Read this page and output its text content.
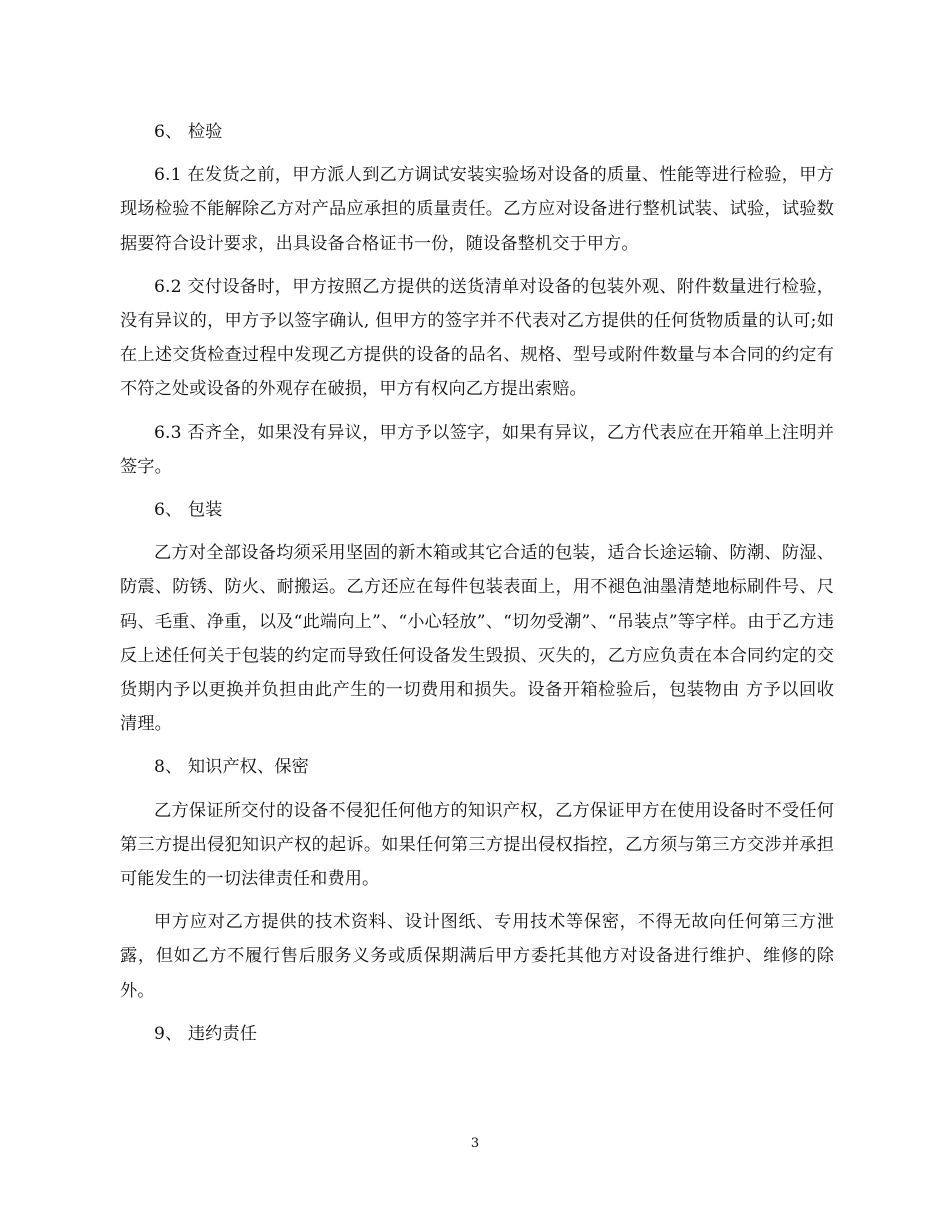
6、 检验

6.1 在发货之前，甲方派人到乙方调试安装实验场对设备的质量、性能等进行检验，甲方现场检验不能解除乙方对产品应承担的质量责任。乙方应对设备进行整机试装、试验，试验数据要符合设计要求，出具设备合格证书一份，随设备整机交于甲方。

6.2 交付设备时，甲方按照乙方提供的送货清单对设备的包装外观、附件数量进行检验，没有异议的，甲方予以签字确认, 但甲方的签字并不代表对乙方提供的任何货物质量的认可;如在上述交货检查过程中发现乙方提供的设备的品名、规格、型号或附件数量与本合同的约定有不符之处或设备的外观存在破损，甲方有权向乙方提出索赔。

6.3 否齐全，如果没有异议，甲方予以签字，如果有异议，乙方代表应在开箱单上注明并签字。

6、 包装

乙方对全部设备均须采用坚固的新木箱或其它合适的包装，适合长途运输、防潮、防湿、防震、防锈、防火、耐搬运。乙方还应在每件包装表面上，用不褪色油墨清楚地标刷件号、尺码、毛重、净重，以及“此端向上”、“小心轻放”、“切勿受潮”、“吊装点”等字样。由于乙方违反上述任何关于包装的约定而导致任何设备发生毁损、灭失的，乙方应负责在本合同约定的交货期内予以更换并负担由此产生的一切费用和损失。设备开箱检验后，包装物由 方予以回收清理。

8、 知识产权、保密

乙方保证所交付的设备不侵犯任何他方的知识产权，乙方保证甲方在使用设备时不受任何第三方提出侵犯知识产权的起诉。如果任何第三方提出侵权指控，乙方须与第三方交涉并承担可能发生的一切法律责任和费用。

甲方应对乙方提供的技术资料、设计图纸、专用技术等保密，不得无故向任何第三方泄露，但如乙方不履行售后服务义务或质保期满后甲方委托其他方对设备进行维护、维修的除外。

9、 违约责任

3
